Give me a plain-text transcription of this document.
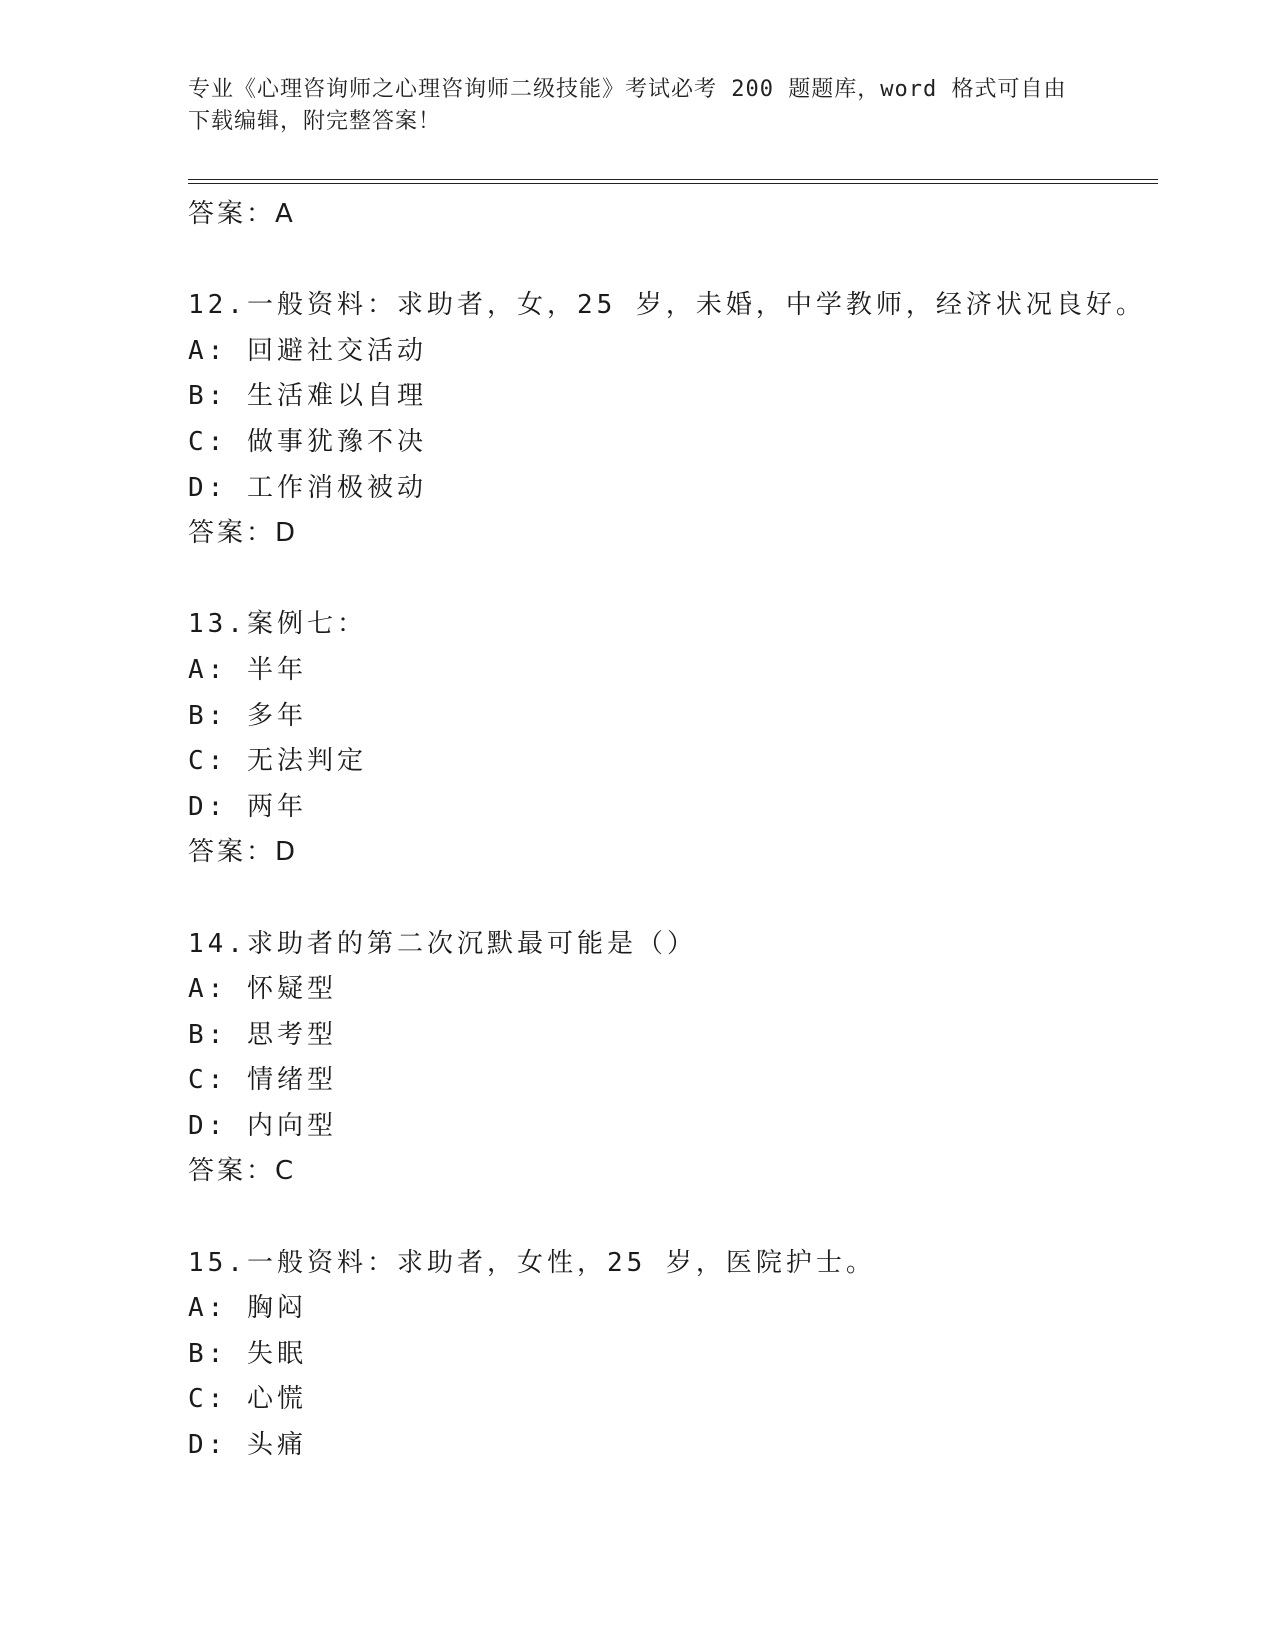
专业《心理咨询师之心理咨询师二级技能》考试必考 200 题题库，word 格式可自由下载编辑，附完整答案！
答案：A
12.一般资料：求助者，女，25 岁，未婚，中学教师，经济状况良好。
A: 回避社交活动
B: 生活难以自理
C: 做事犹豫不决
D: 工作消极被动
答案：D
13.案例七：
A: 半年
B: 多年
C: 无法判定
D: 两年
答案：D
14.求助者的第二次沉默最可能是（）
A: 怀疑型
B: 思考型
C: 情绪型
D: 内向型
答案：C
15.一般资料：求助者，女性，25 岁，医院护士。
A: 胸闷
B: 失眠
C: 心慌
D: 头痛
